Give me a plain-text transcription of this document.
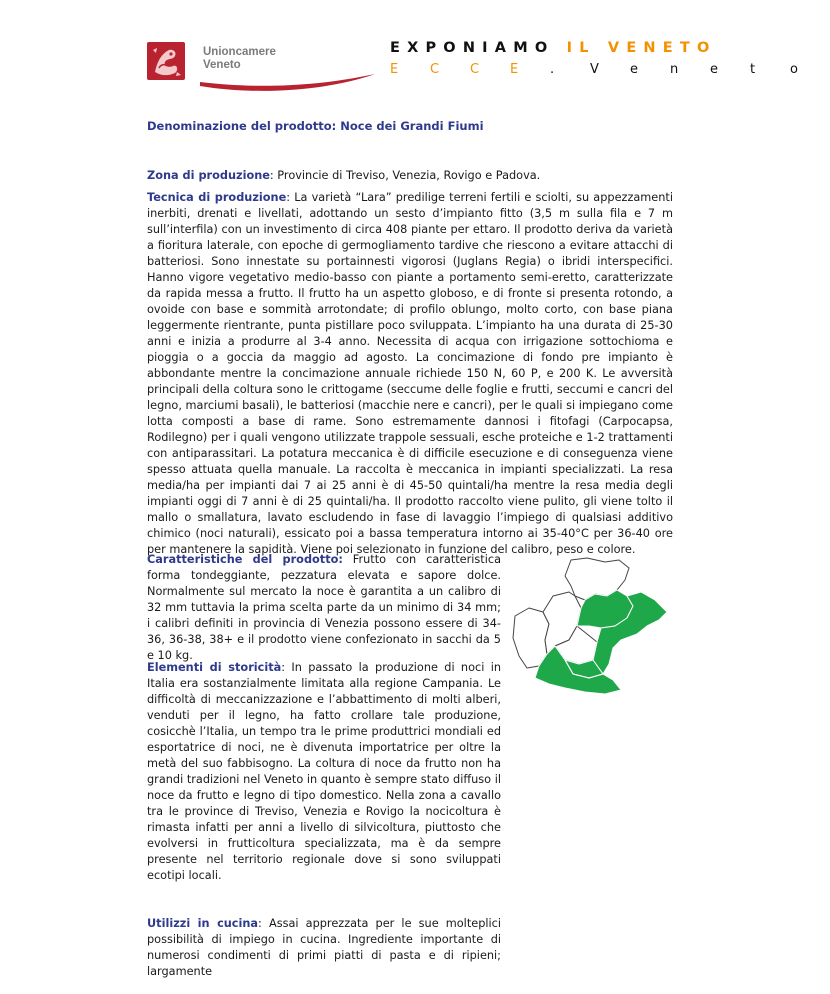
Unioncamere
Veneto
EXPONIAMO IL VENETO
E C C E .	V e n e t	o
Denominazione del prodotto: Noce dei Grandi Fiumi
Zona di produzione: Provincie di Treviso, Venezia, Rovigo e Padova.
Tecnica di produzione: La varietà “Lara” predilige terreni fertili e sciolti, su appezzamenti inerbiti, drenati e livellati, adottando un sesto d’impianto fitto (3,5 m sulla fila e 7 m sull’interfila) con un investimento di circa 408 piante per ettaro. Il prodotto deriva da varietà a fioritura laterale, con epoche di germogliamento tardive che riescono a evitare attacchi di batteriosi. Sono innestate su portainnesti vigorosi (Juglans Regia) o ibridi interspecifici. Hanno vigore vegetativo medio-basso con piante a portamento semi-eretto, caratterizzate da rapida messa a frutto. Il frutto ha un aspetto globoso, e di fronte si presenta rotondo, a ovoide con base e sommità arrotondate; di profilo oblungo, molto corto, con base piana leggermente rientrante, punta pistillare poco sviluppata. L’impianto ha una durata di 25-30 anni e inizia a produrre al 3-4 anno. Necessita di acqua con irrigazione sottochioma e pioggia o a goccia da maggio ad agosto. La concimazione di fondo pre impianto è abbondante mentre la concimazione annuale richiede 150 N, 60 P, e 200 K. Le avversità principali della coltura sono le crittogame (seccume delle foglie e frutti, seccumi e cancri del legno, marciumi basali), le batteriosi (macchie nere e cancri), per le quali si impiegano come lotta composti a base di rame. Sono estremamente dannosi i fitofagi (Carpocapsa, Rodilegno) per i quali vengono utilizzate trappole sessuali, esche proteiche e 1-2 trattamenti con antiparassitari. La potatura meccanica è di difficile esecuzione e di conseguenza viene spesso attuata quella manuale. La raccolta è meccanica in impianti specializzati. La resa media/ha per impianti dai 7 ai 25 anni è di 45-50 quintali/ha mentre la resa media degli impianti oggi di 7 anni è di 25 quintali/ha. Il prodotto raccolto viene pulito, gli viene tolto il mallo o smallatura, lavato escludendo in fase di lavaggio l’impiego di qualsiasi additivo chimico (noci naturali), essicato poi a bassa temperatura intorno ai 35-40°C per 36-40 ore per mantenere la sapidità. Viene poi selezionato in funzione del calibro, peso e colore.
Caratteristiche del prodotto: Frutto con caratteristica forma tondeggiante, pezzatura elevata e sapore dolce. Normalmente sul mercato la noce è garantita a un calibro di 32 mm tuttavia la prima scelta parte da un minimo di 34 mm; i calibri definiti in provincia di Venezia possono essere di 34-36, 36-38, 38+ e il prodotto viene confezionato in sacchi da 5 e 10 kg.
Elementi di storicità: In passato la produzione di noci in Italia era sostanzialmente limitata alla regione Campania. Le difficoltà di meccanizzazione e l’abbattimento di molti alberi, venduti per il legno, ha fatto crollare tale produzione, cosicchè l’Italia, un tempo tra le prime produttrici mondiali ed esportatrice di noci, ne è divenuta importatrice per oltre la metà del suo fabbisogno. La coltura di noce da frutto non ha grandi tradizioni nel Veneto in quanto è sempre stato diffuso il noce da frutto e legno di tipo domestico. Nella zona a cavallo tra le province di Treviso, Venezia e Rovigo la nocicoltura è rimasta infatti per anni a livello di silvicoltura, piuttosto che evolversi in frutticoltura specializzata, ma è da sempre presente nel territorio regionale dove si sono sviluppati ecotipi locali.
Utilizzi in cucina: Assai apprezzata per le sue molteplici possibilità di impiego in cucina. Ingrediente importante di numerosi condimenti di primi piatti di pasta e di ripieni; largamente
